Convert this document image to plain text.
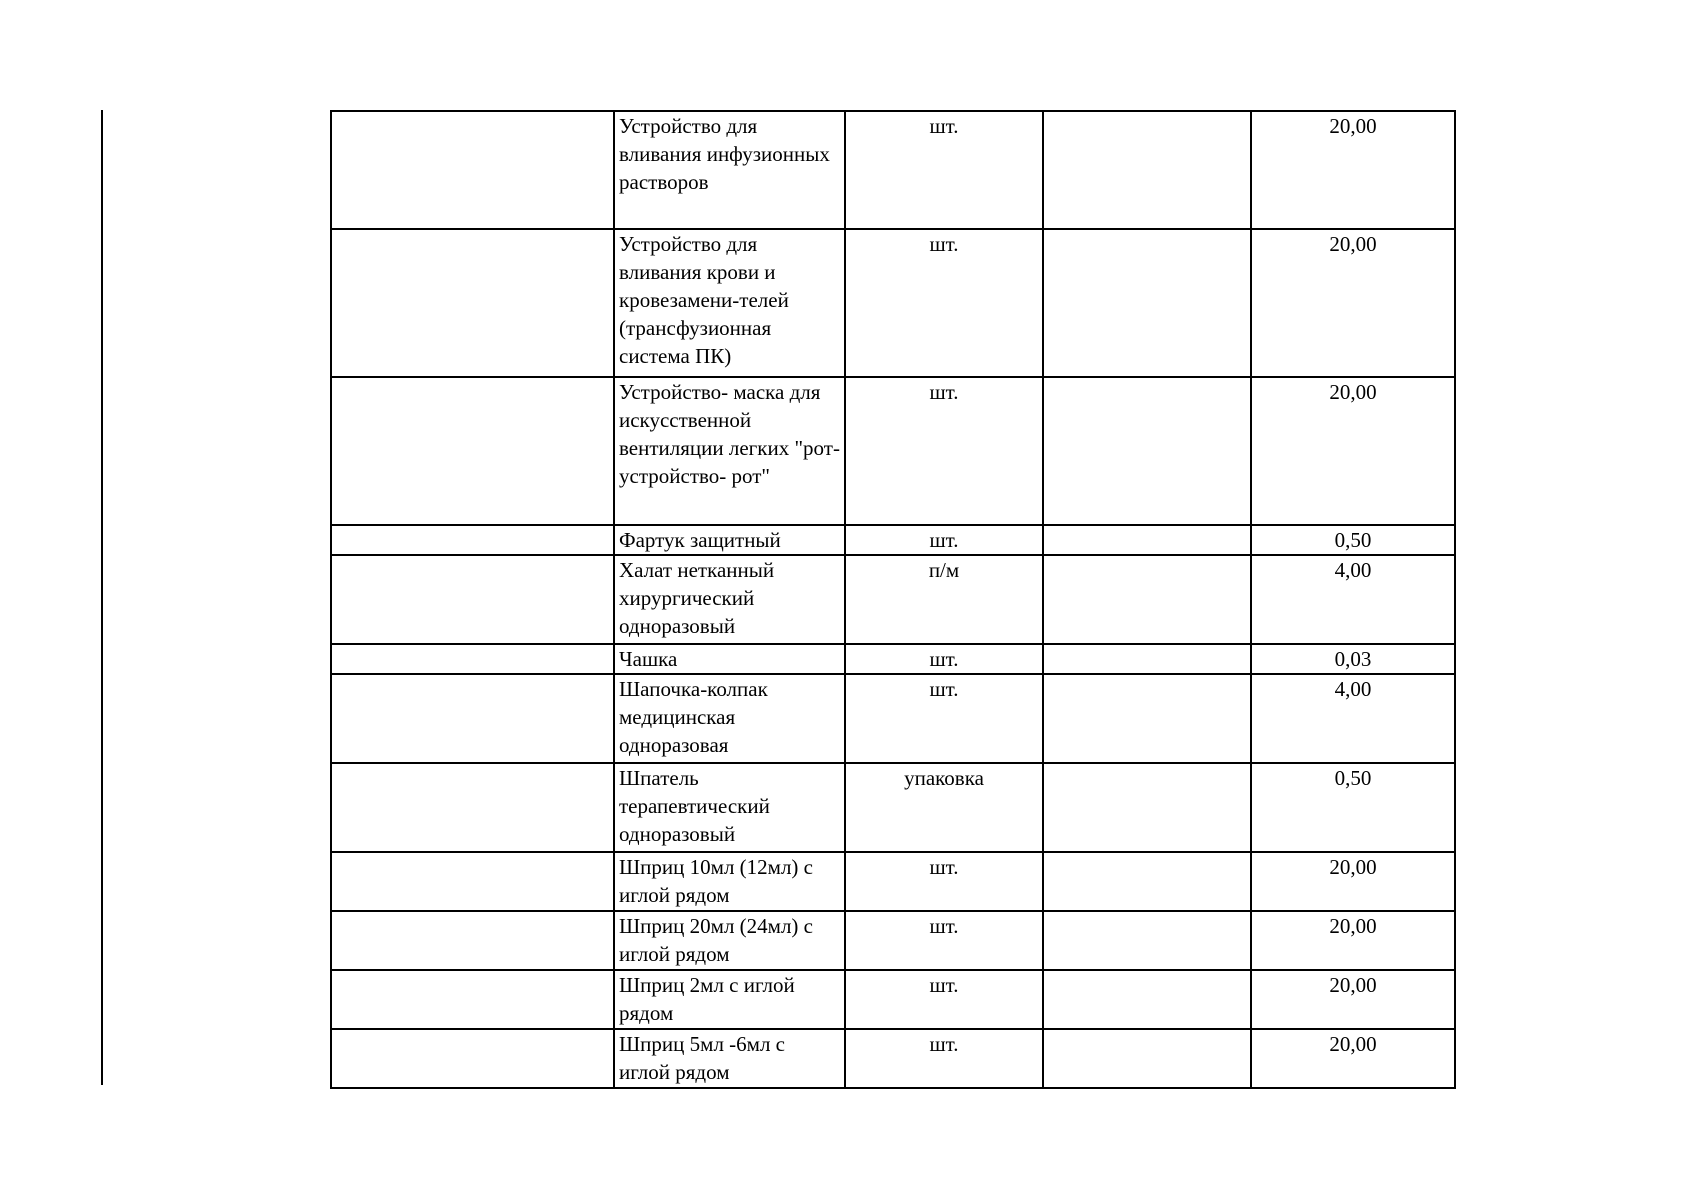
	Устройство для вливания инфузионных растворов	шт.		20,00
	Устройство для вливания крови и кровезамени-телей (трансфузионная система ПК)	шт.		20,00
	Устройство- маска для искусственной вентиляции легких "рот-устройство- рот"	шт.		20,00
	Фартук защитный	шт.		0,50
	Халат нетканный хирургический одноразовый	п/м		4,00
	Чашка	шт.		0,03
	Шапочка-колпак медицинская одноразовая	шт.		4,00
	Шпатель терапевтический одноразовый	упаковка		0,50
	Шприц 10мл (12мл) с иглой рядом	шт.		20,00
	Шприц 20мл (24мл) с иглой рядом	шт.		20,00
	Шприц 2мл с иглой рядом	шт.		20,00
	Шприц 5мл -6мл с иглой рядом	шт.		20,00
